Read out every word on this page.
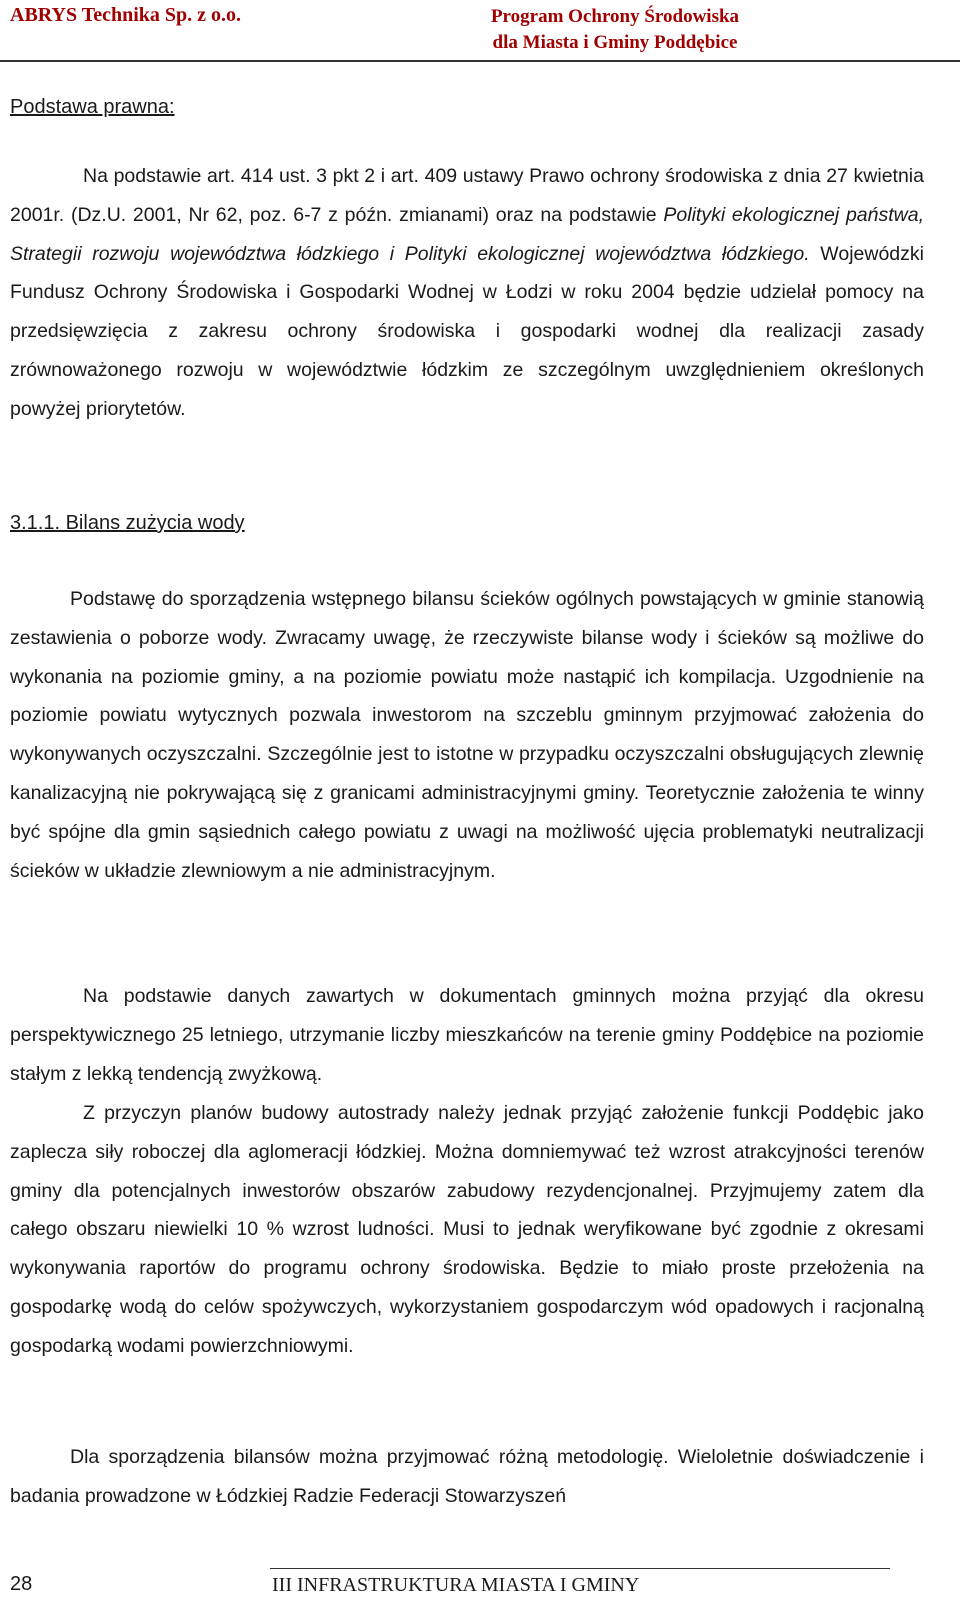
ABRYS Technika Sp. z o.o.	Program Ochrony Środowiska
dla Miasta i Gminy Poddębice
Podstawa prawna:

Na podstawie art. 414 ust. 3 pkt 2 i art. 409 ustawy Prawo ochrony środowiska z dnia 27 kwietnia 2001r. (Dz.U. 2001, Nr 62, poz. 6-7 z późn. zmianami) oraz na podstawie Polityki ekologicznej państwa, Strategii rozwoju województwa łódzkiego i Polityki ekologicznej województwa łódzkiego. Wojewódzki Fundusz Ochrony Środowiska i Gospodarki Wodnej w Łodzi w roku 2004 będzie udzielał pomocy na przedsięwzięcia z zakresu ochrony środowiska i gospodarki wodnej dla realizacji zasady zrównoważonego rozwoju w województwie łódzkim ze szczególnym uwzględnieniem określonych powyżej priorytetów.

3.1.1. Bilans zużycia wody

Podstawę do sporządzenia wstępnego bilansu ścieków ogólnych powstających w gminie stanowią zestawienia o poborze wody. Zwracamy uwagę, że rzeczywiste bilanse wody i ścieków są możliwe do wykonania na poziomie gminy, a na poziomie powiatu może nastąpić ich kompilacja. Uzgodnienie na poziomie powiatu wytycznych pozwala inwestorom na szczeblu gminnym przyjmować założenia do wykonywanych oczyszczalni. Szczególnie jest to istotne w przypadku oczyszczalni obsługujących zlewnię kanalizacyjną nie pokrywającą się z granicami administracyjnymi gminy. Teoretycznie założenia te winny być spójne dla gmin sąsiednich całego powiatu z uwagi na możliwość ujęcia problematyki neutralizacji ścieków w układzie zlewniowym a nie administracyjnym.

Na podstawie danych zawartych w dokumentach gminnych można przyjąć dla okresu perspektywicznego 25 letniego, utrzymanie liczby mieszkańców na terenie gminy Poddębice na poziomie stałym z lekką tendencją zwyżkową.

Z przyczyn planów budowy autostrady należy jednak przyjąć założenie funkcji Poddębic jako zaplecza siły roboczej dla aglomeracji łódzkiej. Można domniemywać też wzrost atrakcyjności terenów gminy dla potencjalnych inwestorów obszarów zabudowy rezydencjonalnej. Przyjmujemy zatem dla całego obszaru niewielki 10 % wzrost ludności. Musi to jednak weryfikowane być zgodnie z okresami wykonywania raportów do programu ochrony środowiska. Będzie to miało proste przełożenia na gospodarkę wodą do celów spożywczych, wykorzystaniem gospodarczym wód opadowych i racjonalną gospodarką wodami powierzchniowymi.

Dla sporządzenia bilansów można przyjmować różną metodologię. Wieloletnie doświadczenie i badania prowadzone w Łódzkiej Radzie Federacji Stowarzyszeń

28	III INFRASTRUKTURA MIASTA I GMINY
